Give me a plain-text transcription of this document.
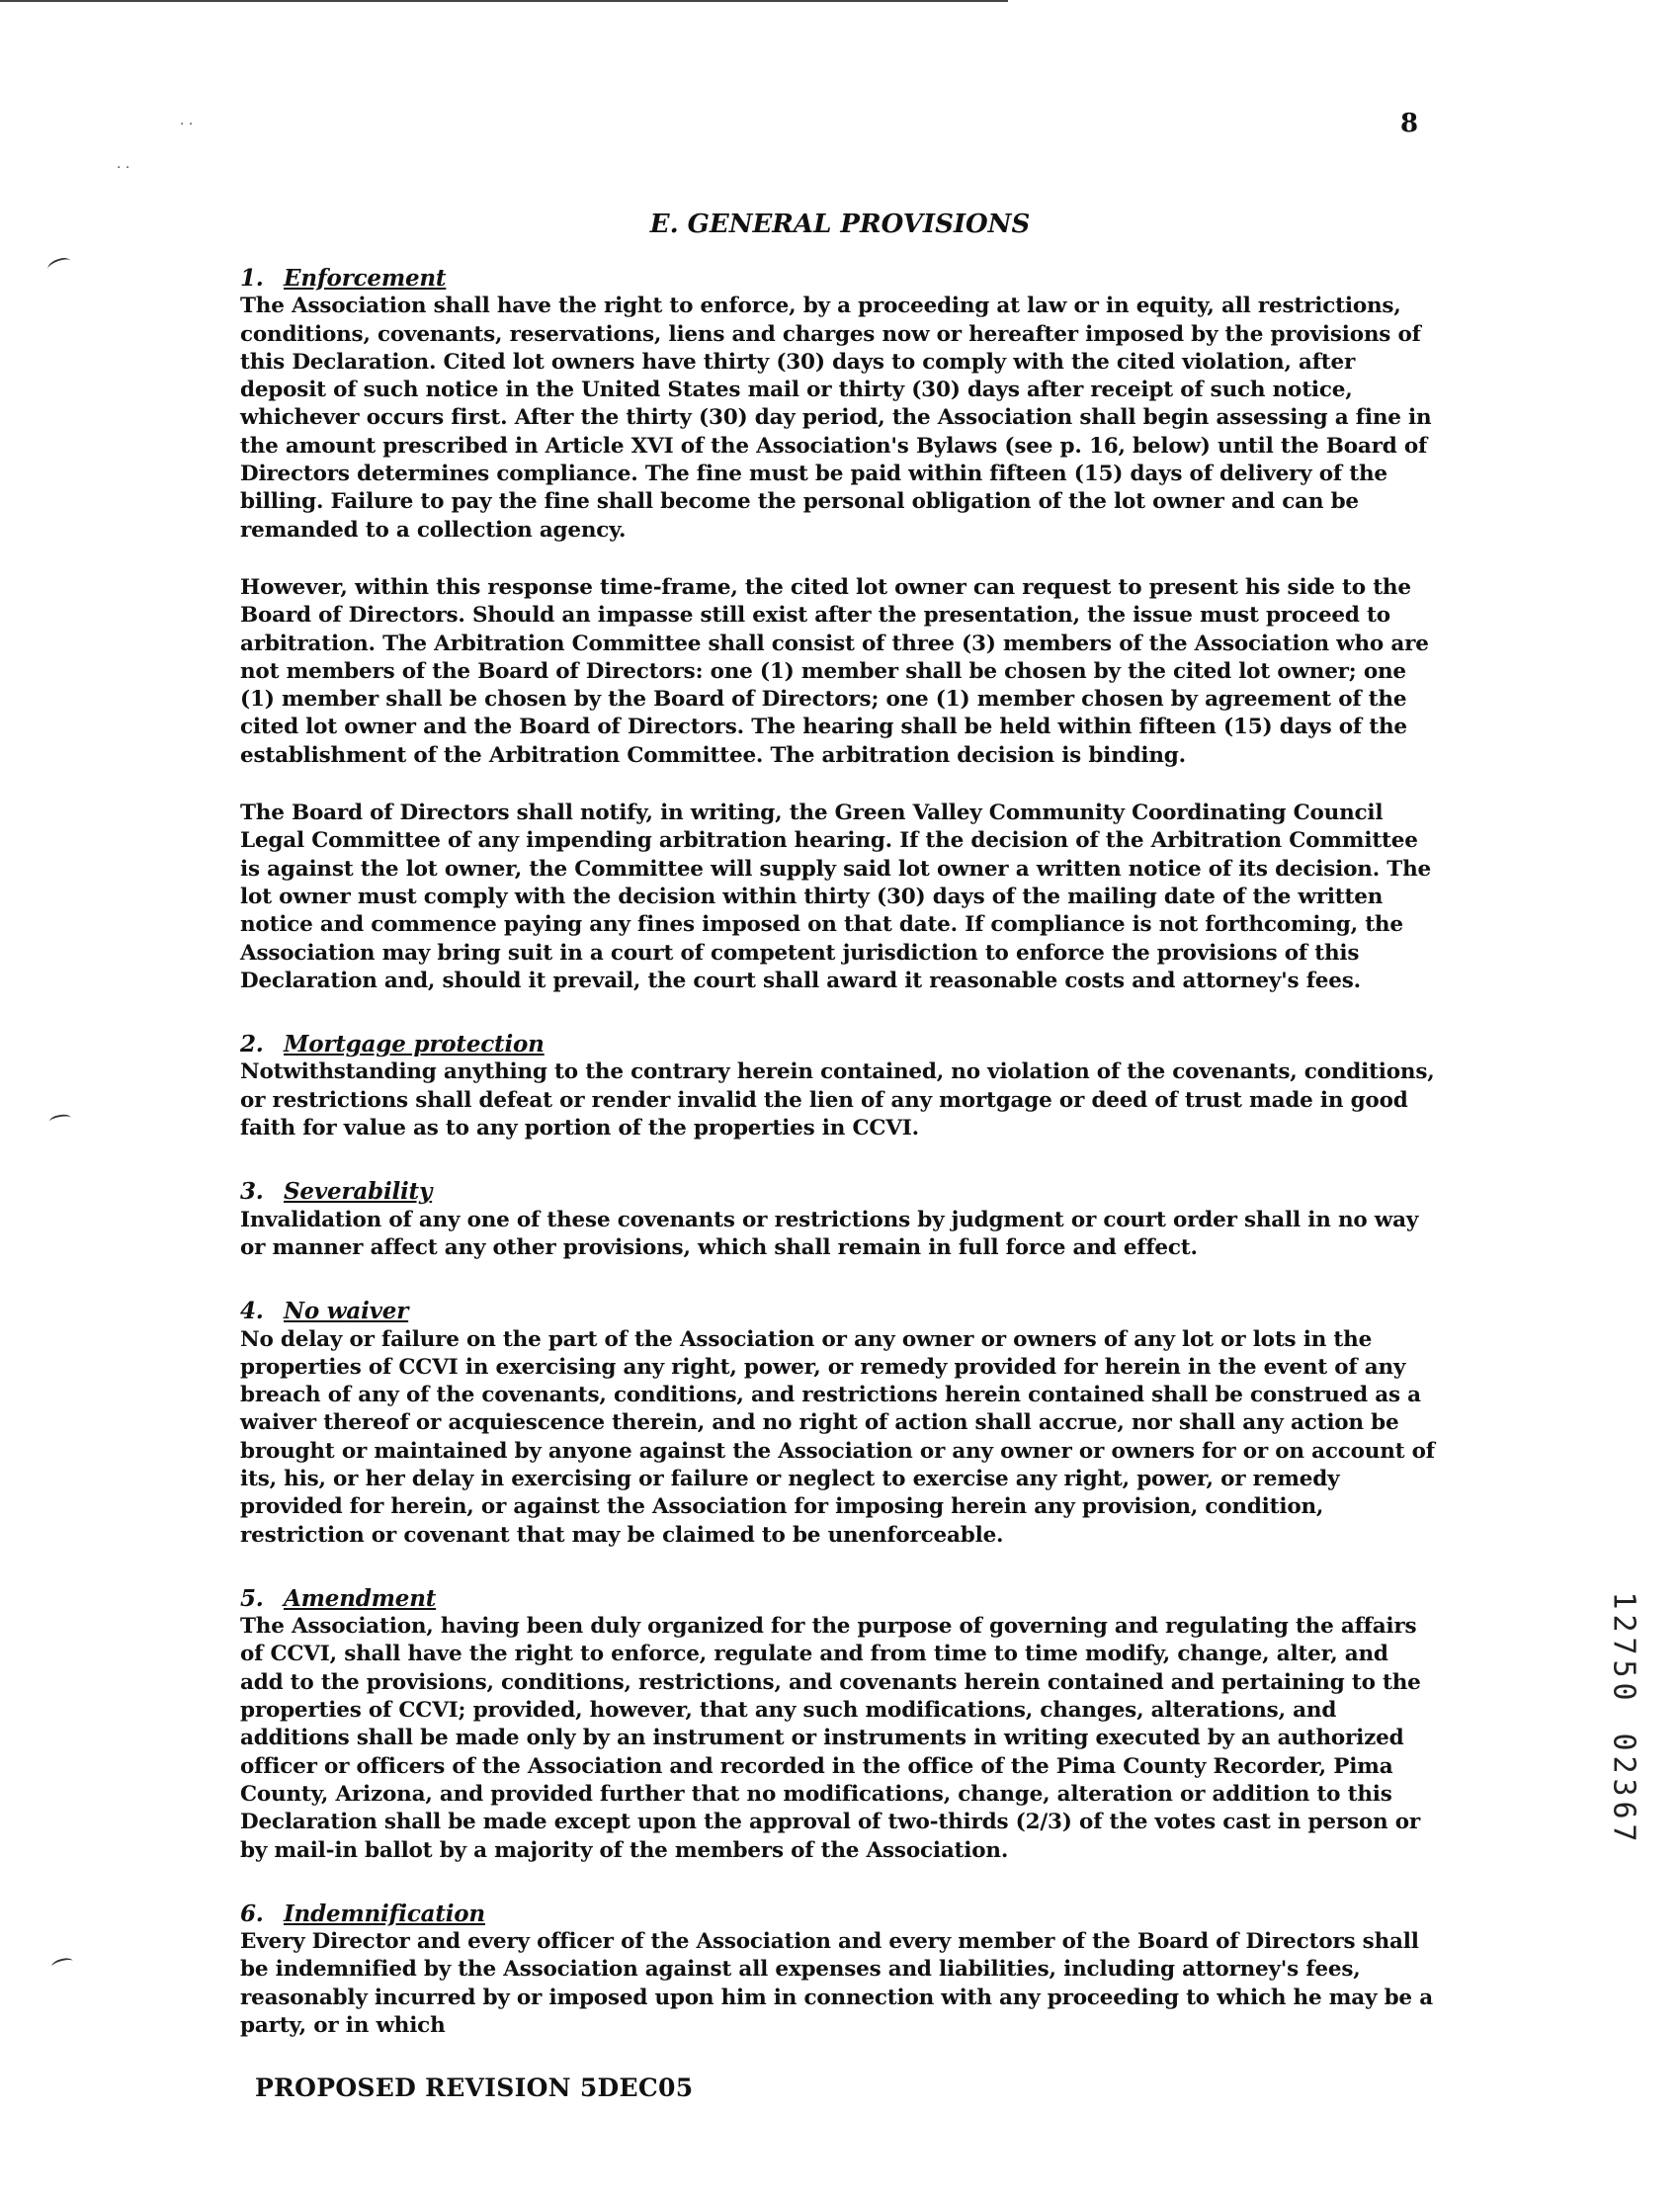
· ·
· ·
8
E. GENERAL PROVISIONS
1. Enforcement

The Association shall have the right to enforce, by a proceeding at law or in equity, all restrictions, conditions, covenants, reservations, liens and charges now or hereafter imposed by the provisions of this Declaration. Cited lot owners have thirty (30) days to comply with the cited violation, after deposit of such notice in the United States mail or thirty (30) days after receipt of such notice, whichever occurs first. After the thirty (30) day period, the Association shall begin assessing a fine in the amount prescribed in Article XVI of the Association's Bylaws (see p. 16, below) until the Board of Directors determines compliance. The fine must be paid within fifteen (15) days of delivery of the billing. Failure to pay the fine shall become the personal obligation of the lot owner and can be remanded to a collection agency.

However, within this response time-frame, the cited lot owner can request to present his side to the Board of Directors. Should an impasse still exist after the presentation, the issue must proceed to arbitration. The Arbitration Committee shall consist of three (3) members of the Association who are not members of the Board of Directors: one (1) member shall be chosen by the cited lot owner; one (1) member shall be chosen by the Board of Directors; one (1) member chosen by agreement of the cited lot owner and the Board of Directors. The hearing shall be held within fifteen (15) days of the establishment of the Arbitration Committee. The arbitration decision is binding.

The Board of Directors shall notify, in writing, the Green Valley Community Coordinating Council Legal Committee of any impending arbitration hearing. If the decision of the Arbitration Committee is against the lot owner, the Committee will supply said lot owner a written notice of its decision. The lot owner must comply with the decision within thirty (30) days of the mailing date of the written notice and commence paying any fines imposed on that date. If compliance is not forthcoming, the Association may bring suit in a court of competent jurisdiction to enforce the provisions of this Declaration and, should it prevail, the court shall award it reasonable costs and attorney's fees.

2. Mortgage protection

Notwithstanding anything to the contrary herein contained, no violation of the covenants, conditions, or restrictions shall defeat or render invalid the lien of any mortgage or deed of trust made in good faith for value as to any portion of the properties in CCVI.

3. Severability

Invalidation of any one of these covenants or restrictions by judgment or court order shall in no way or manner affect any other provisions, which shall remain in full force and effect.

4. No waiver

No delay or failure on the part of the Association or any owner or owners of any lot or lots in the properties of CCVI in exercising any right, power, or remedy provided for herein in the event of any breach of any of the covenants, conditions, and restrictions herein contained shall be construed as a waiver thereof or acquiescence therein, and no right of action shall accrue, nor shall any action be brought or maintained by anyone against the Association or any owner or owners for or on account of its, his, or her delay in exercising or failure or neglect to exercise any right, power, or remedy provided for herein, or against the Association for imposing herein any provision, condition, restriction or covenant that may be claimed to be unenforceable.

5. Amendment

The Association, having been duly organized for the purpose of governing and regulating the affairs of CCVI, shall have the right to enforce, regulate and from time to time modify, change, alter, and add to the provisions, conditions, restrictions, and covenants herein contained and pertaining to the properties of CCVI; provided, however, that any such modifications, changes, alterations, and additions shall be made only by an instrument or instruments in writing executed by an authorized officer or officers of the Association and recorded in the office of the Pima County Recorder, Pima County, Arizona, and provided further that no modifications, change, alteration or addition to this Declaration shall be made except upon the approval of two-thirds (2/3) of the votes cast in person or by mail-in ballot by a majority of the members of the Association.

6. Indemnification

Every Director and every officer of the Association and every member of the Board of Directors shall be indemnified by the Association against all expenses and liabilities, including attorney's fees, reasonably incurred by or imposed upon him in connection with any proceeding to which he may be a party, or in which

1
2
7
5
0
0
2
3
6
7
PROPOSED REVISION 5DEC05
